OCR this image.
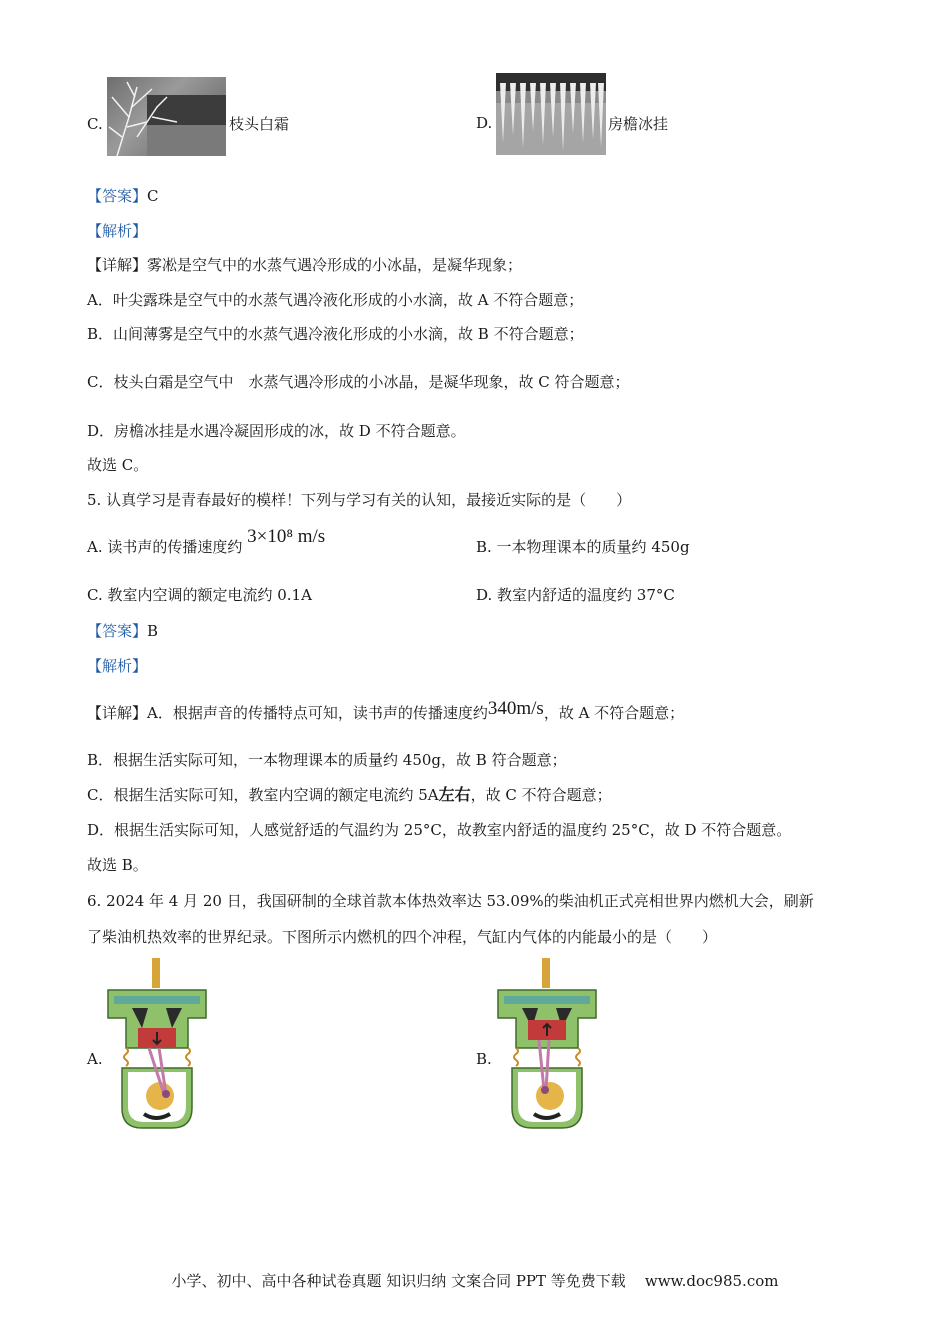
C.	枝头白霜	D.	房檐冰挂
【答案】C
【解析】
【详解】雾凇是空气中的水蒸气遇冷形成的小冰晶，是凝华现象；
A．叶尖露珠是空气中的水蒸气遇冷液化形成的小水滴，故 A 不符合题意；
B．山间薄雾是空气中的水蒸气遇冷液化形成的小水滴，故 B 不符合题意；
C．枝头白霜是空气中　水蒸气遇冷形成的小冰晶，是凝华现象，故 C 符合题意；
D．房檐冰挂是水遇冷凝固形成的冰，故 D 不符合题意。
故选 C。
5. 认真学习是青春最好的模样！下列与学习有关的认知，最接近实际的是（　　）
A. 读书声的传播速度约 3×10⁸ m/s	B. 一本物理课本的质量约 450g
C. 教室内空调的额定电流约 0.1A	D. 教室内舒适的温度约 37°C
【答案】B
【解析】
【详解】A．根据声音的传播特点可知，读书声的传播速度约340m/s，故 A 不符合题意；
B．根据生活实际可知，一本物理课本的质量约 450g，故 B 符合题意；
C．根据生活实际可知，教室内空调的额定电流约 5A左右，故 C 不符合题意；
D．根据生活实际可知，人感觉舒适的气温约为 25°C，故教室内舒适的温度约 25°C，故 D 不符合题意。
故选 B。
6. 2024 年 4 月 20 日，我国研制的全球首款本体热效率达 53.09%的柴油机正式亮相世界内燃机大会，刷新
了柴油机热效率的世界纪录。下图所示内燃机的四个冲程，气缸内气体的内能最小的是（　　）
A.	B.
小学、初中、高中各种试卷真题 知识归纳 文案合同 PPT 等免费下载 www.doc985.com
